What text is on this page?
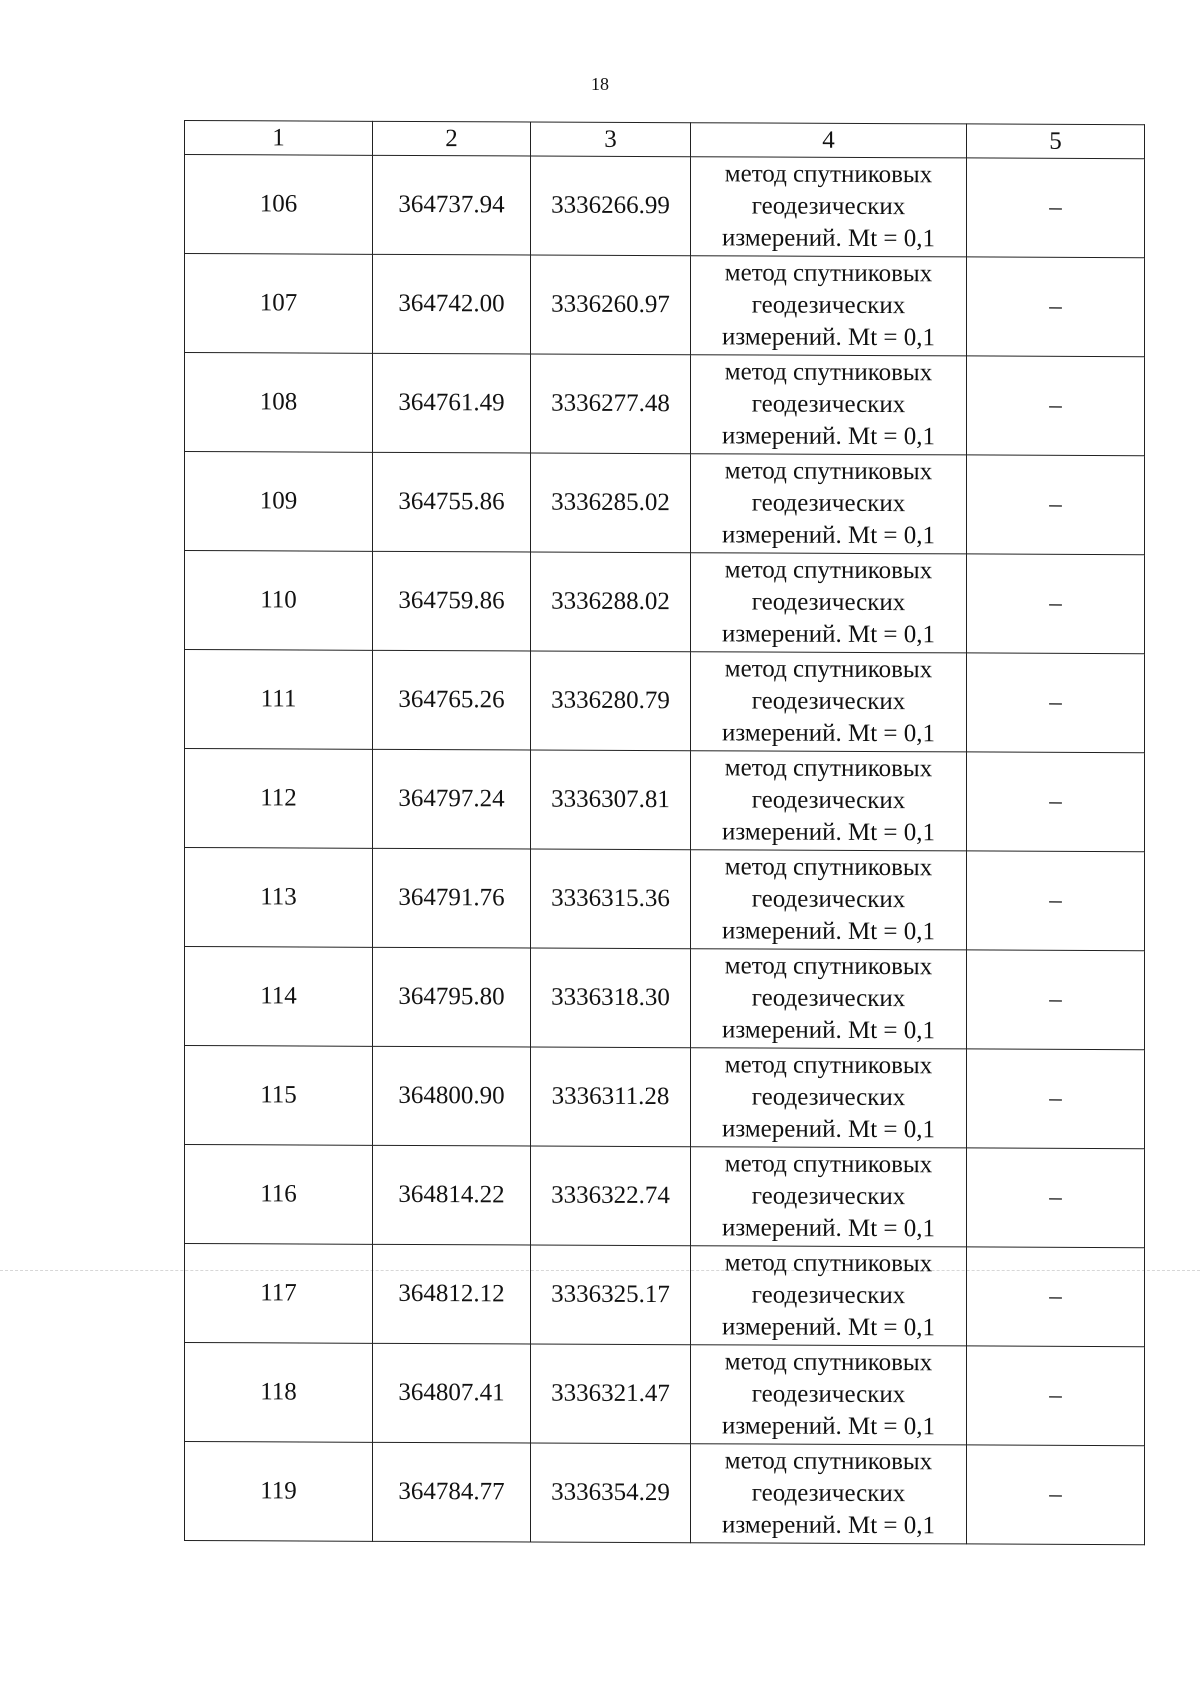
18
1	2	3	4	5
106	364737.94	3336266.99	метод спутниковых
геодезических
измерений. Mt = 0,1	–
107	364742.00	3336260.97	метод спутниковых
геодезических
измерений. Mt = 0,1	–
108	364761.49	3336277.48	метод спутниковых
геодезических
измерений. Mt = 0,1	–
109	364755.86	3336285.02	метод спутниковых
геодезических
измерений. Mt = 0,1	–
110	364759.86	3336288.02	метод спутниковых
геодезических
измерений. Mt = 0,1	–
111	364765.26	3336280.79	метод спутниковых
геодезических
измерений. Mt = 0,1	–
112	364797.24	3336307.81	метод спутниковых
геодезических
измерений. Mt = 0,1	–
113	364791.76	3336315.36	метод спутниковых
геодезических
измерений. Mt = 0,1	–
114	364795.80	3336318.30	метод спутниковых
геодезических
измерений. Mt = 0,1	–
115	364800.90	3336311.28	метод спутниковых
геодезических
измерений. Mt = 0,1	–
116	364814.22	3336322.74	метод спутниковых
геодезических
измерений. Mt = 0,1	–
117	364812.12	3336325.17	метод спутниковых
геодезических
измерений. Mt = 0,1	–
118	364807.41	3336321.47	метод спутниковых
геодезических
измерений. Mt = 0,1	–
119	364784.77	3336354.29	метод спутниковых
геодезических
измерений. Mt = 0,1	–
